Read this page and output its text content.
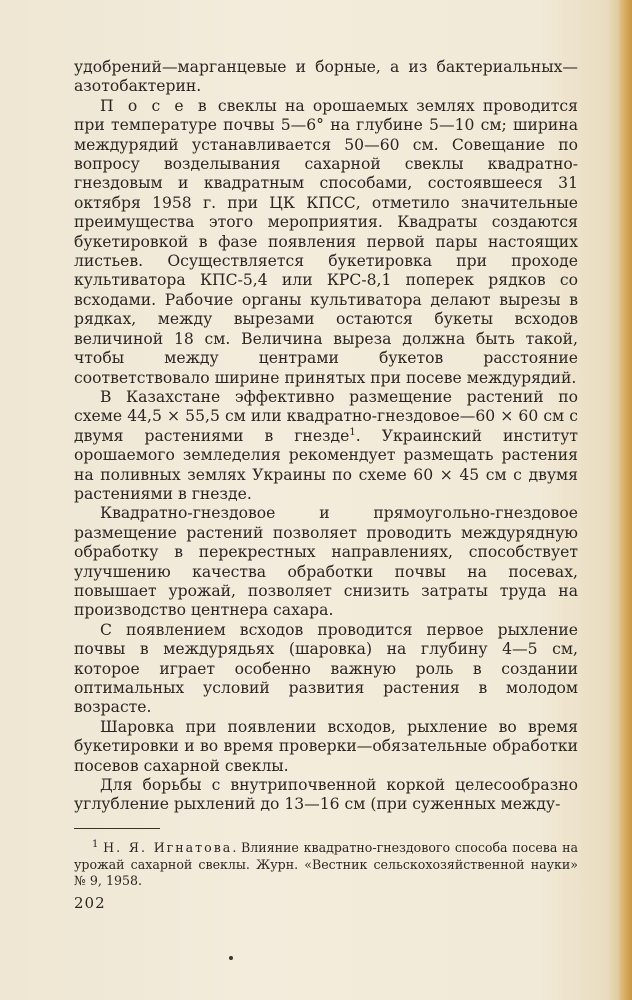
удобрений—марганцевые и борные, а из бактериальных—азотобактерин.

П о с е в свеклы на орошаемых землях проводится при температуре почвы 5—6° на глубине 5—10 см; ширина междурядий устанавливается 50—60 см. Совещание по вопросу возделывания сахарной свеклы квадратно-гнездовым и квадратным способами, состоявшееся 31 октября 1958 г. при ЦК КПСС, отметило значительные преимущества этого мероприятия. Квадраты создаются букетировкой в фазе появления первой пары настоящих листьев. Осуществляется букетировка при проходе культиватора КПС-5,4 или КРС-8,1 поперек рядков со всходами. Рабочие органы культиватора делают вырезы в рядках, между вырезами остаются букеты всходов величиной 18 см. Величина выреза должна быть такой, чтобы между центрами букетов расстояние соответствовало ширине принятых при посеве междурядий.

В Казахстане эффективно размещение растений по схеме 44,5 × 55,5 см или квадратно-гнездовое—60 × 60 см с двумя растениями в гнезде$^1$. Украинский институт орошаемого земледелия рекомендует размещать растения на поливных землях Украины по схеме 60 × 45 см с двумя растениями в гнезде.

Квадратно-гнездовое и прямоугольно-гнездовое размещение растений позволяет проводить междурядную обработку в перекрестных направлениях, способствует улучшению качества обработки почвы на посевах, повышает урожай, позволяет снизить затраты труда на производство центнера сахара.

С появлением всходов проводится первое рыхление почвы в междурядьях (шаровка) на глубину 4—5 см, которое играет особенно важную роль в создании оптимальных условий развития растения в молодом возрасте.

Шаровка при появлении всходов, рыхление во время букетировки и во время проверки—обязательные обработки посевов сахарной свеклы.

Для борьбы с внутрипочвенной коркой целесообразно углубление рыхлений до 13—16 см (при суженных между-

$^1$ Н. Я. Игнатова. Влияние квадратно-гнездового способа посева на урожай сахарной свеклы. Журн. «Вестник сельскохозяйственной науки» № 9, 1958.

202
